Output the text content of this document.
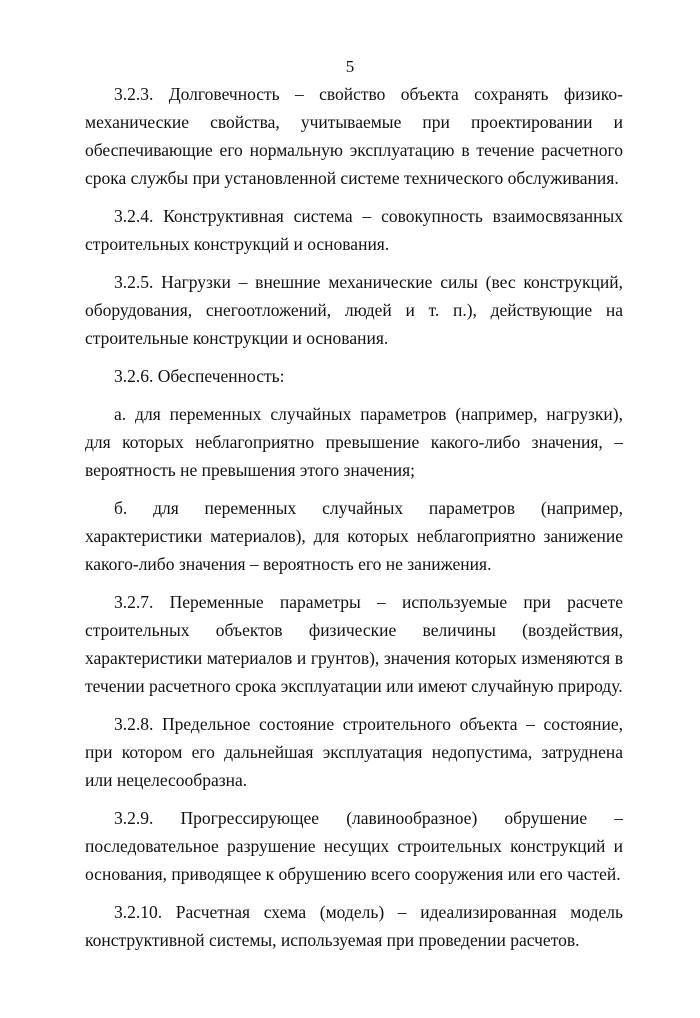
5

3.2.3. Долговечность – свойство объекта сохранять физико-механические свойства, учитываемые при проектировании и обеспечивающие его нормальную эксплуатацию в течение расчетного срока службы при установленной системе технического обслуживания.

3.2.4. Конструктивная система – совокупность взаимосвязанных строительных конструкций и основания.

3.2.5. Нагрузки – внешние механические силы (вес конструкций, оборудования, снегоотложений, людей и т. п.), действующие на строительные конструкции и основания.

3.2.6. Обеспеченность:

а. для переменных случайных параметров (например, нагрузки), для которых неблагоприятно превышение какого-либо значения, – вероятность не превышения этого значения;

б. для переменных случайных параметров (например, характеристики материалов), для которых неблагоприятно занижение какого-либо значения – вероятность его не занижения.

3.2.7. Переменные параметры – используемые при расчете строительных объектов физические величины (воздействия, характеристики материалов и грунтов), значения которых изменяются в течении расчетного срока эксплуатации или имеют случайную природу.

3.2.8. Предельное состояние строительного объекта – состояние, при котором его дальнейшая эксплуатация недопустима, затруднена или нецелесообразна.

3.2.9. Прогрессирующее (лавинообразное) обрушение – последовательное разрушение несущих строительных конструкций и основания, приводящее к обрушению всего сооружения или его частей.

3.2.10. Расчетная схема (модель) – идеализированная модель конструктивной системы, используемая при проведении расчетов.
